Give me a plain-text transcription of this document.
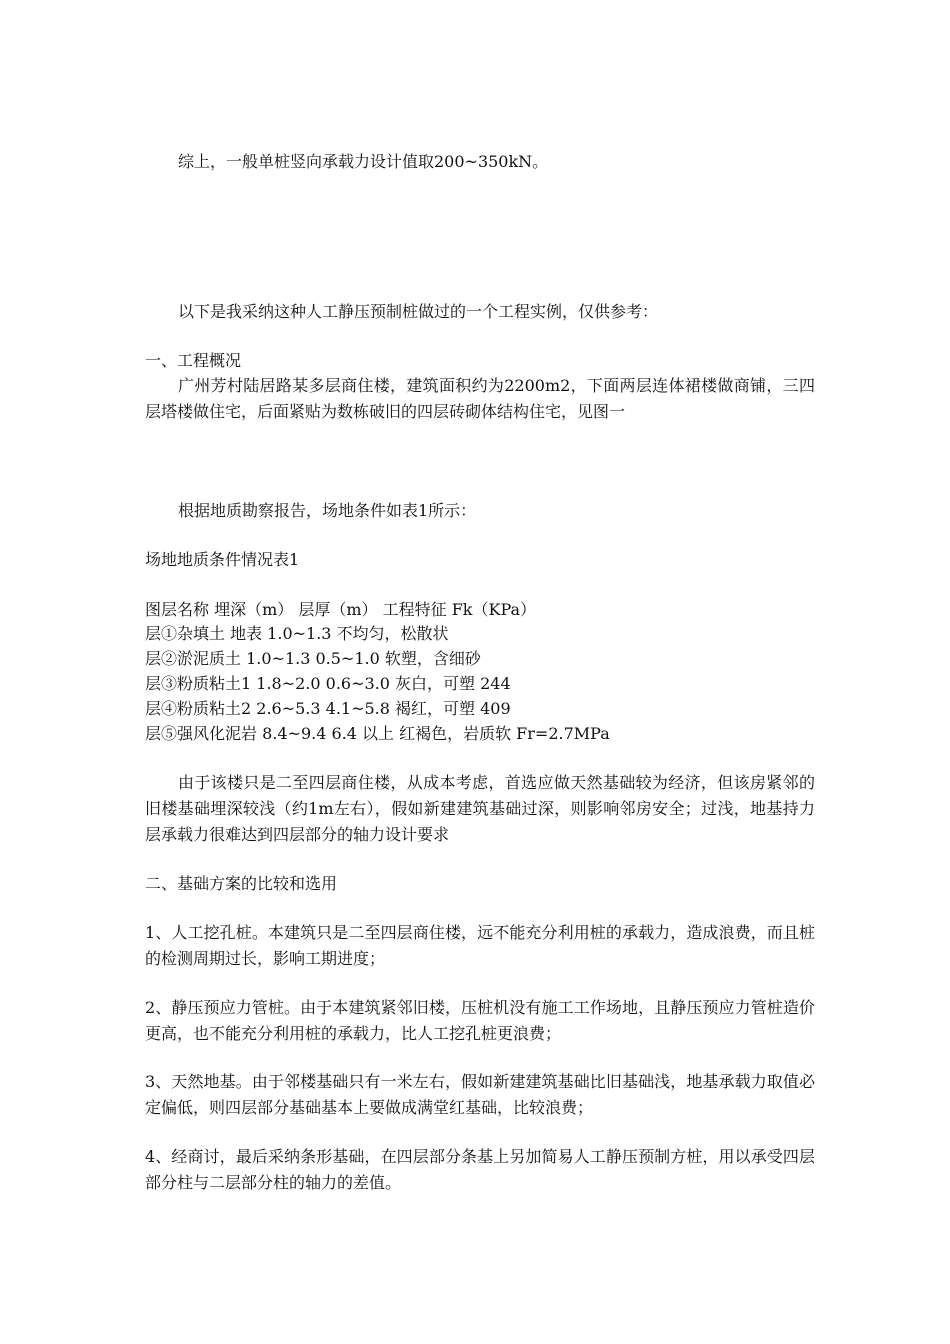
综上，一般单桩竖向承载力设计值取200~350kN。
以下是我采纳这种人工静压预制桩做过的一个工程实例，仅供参考：
一、工程概况

广州芳村陆居路某多层商住楼，建筑面积约为2200m2，下面两层连体裙楼做商铺，三四层塔楼做住宅，后面紧贴为数栋破旧的四层砖砌体结构住宅，见图一

根据地质勘察报告，场地条件如表1所示：
场地地质条件情况表1
图层名称 埋深（m） 层厚（m） 工程特征 Fk（KPa）
层①杂填土 地表 1.0~1.3 不均匀，松散状
层②淤泥质土 1.0~1.3 0.5~1.0 软塑，含细砂
层③粉质粘土1 1.8~2.0 0.6~3.0 灰白，可塑 244
层④粉质粘土2 2.6~5.3 4.1~5.8 褐红，可塑 409
层⑤强风化泥岩 8.4~9.4 6.4 以上 红褐色，岩质软 Fr=2.7MPa

由于该楼只是二至四层商住楼，从成本考虑，首选应做天然基础较为经济，但该房紧邻的旧楼基础埋深较浅（约1m左右），假如新建建筑基础过深，则影响邻房安全；过浅，地基持力层承载力很难达到四层部分的轴力设计要求

二、基础方案的比较和选用

1、人工挖孔桩。本建筑只是二至四层商住楼，远不能充分利用桩的承载力，造成浪费，而且桩的检测周期过长，影响工期进度；

2、静压预应力管桩。由于本建筑紧邻旧楼，压桩机没有施工工作场地，且静压预应力管桩造价更高，也不能充分利用桩的承载力，比人工挖孔桩更浪费；

3、天然地基。由于邻楼基础只有一米左右，假如新建建筑基础比旧基础浅，地基承载力取值必定偏低，则四层部分基础基本上要做成满堂红基础，比较浪费；

4、经商讨，最后采纳条形基础，在四层部分条基上另加简易人工静压预制方桩，用以承受四层部分柱与二层部分柱的轴力的差值。
